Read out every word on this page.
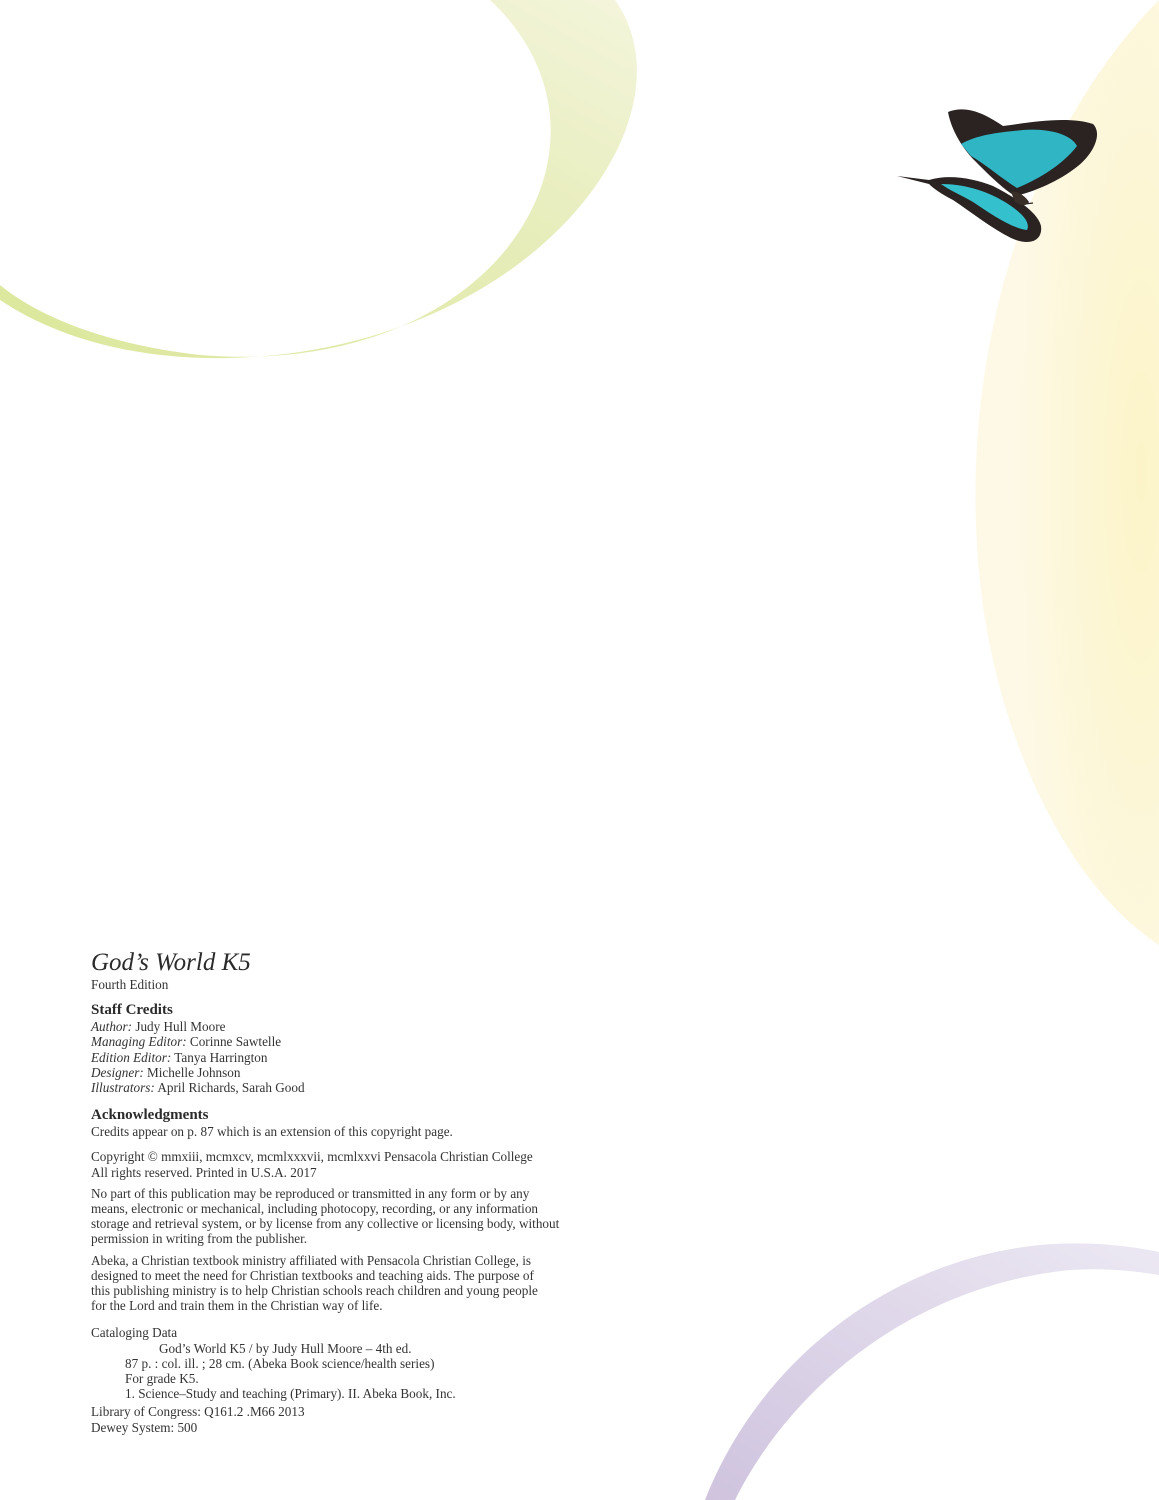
God’s World K5

Fourth Edition

Staff Credits

Author: Judy Hull Moore

Managing Editor: Corinne Sawtelle

Edition Editor: Tanya Harrington

Designer: Michelle Johnson

Illustrators: April Richards, Sarah Good

Acknowledgments

Credits appear on p. 87 which is an extension of this copyright page.

Copyright © mmxiii, mcmxcv, mcmlxxxvii, mcmlxxvi Pensacola Christian College

All rights reserved. Printed in U.S.A. 2017

No part of this publication may be reproduced or transmitted in any form or by any

means, electronic or mechanical, including photocopy, recording, or any information

storage and retrieval system, or by license from any collective or licensing body, without

permission in writing from the publisher.

Abeka, a Christian textbook ministry affiliated with Pensacola Christian College, is

designed to meet the need for Christian textbooks and teaching aids. The purpose of

this publishing ministry is to help Christian schools reach children and young people

for the Lord and train them in the Christian way of life.

Cataloging Data

God’s World K5 / by Judy Hull Moore – 4th ed.

87 p. : col. ill. ; 28 cm. (Abeka Book science/health series)

For grade K5.

1. Science–Study and teaching (Primary). II. Abeka Book, Inc.

Library of Congress: Q161.2 .M66 2013

Dewey System: 500
